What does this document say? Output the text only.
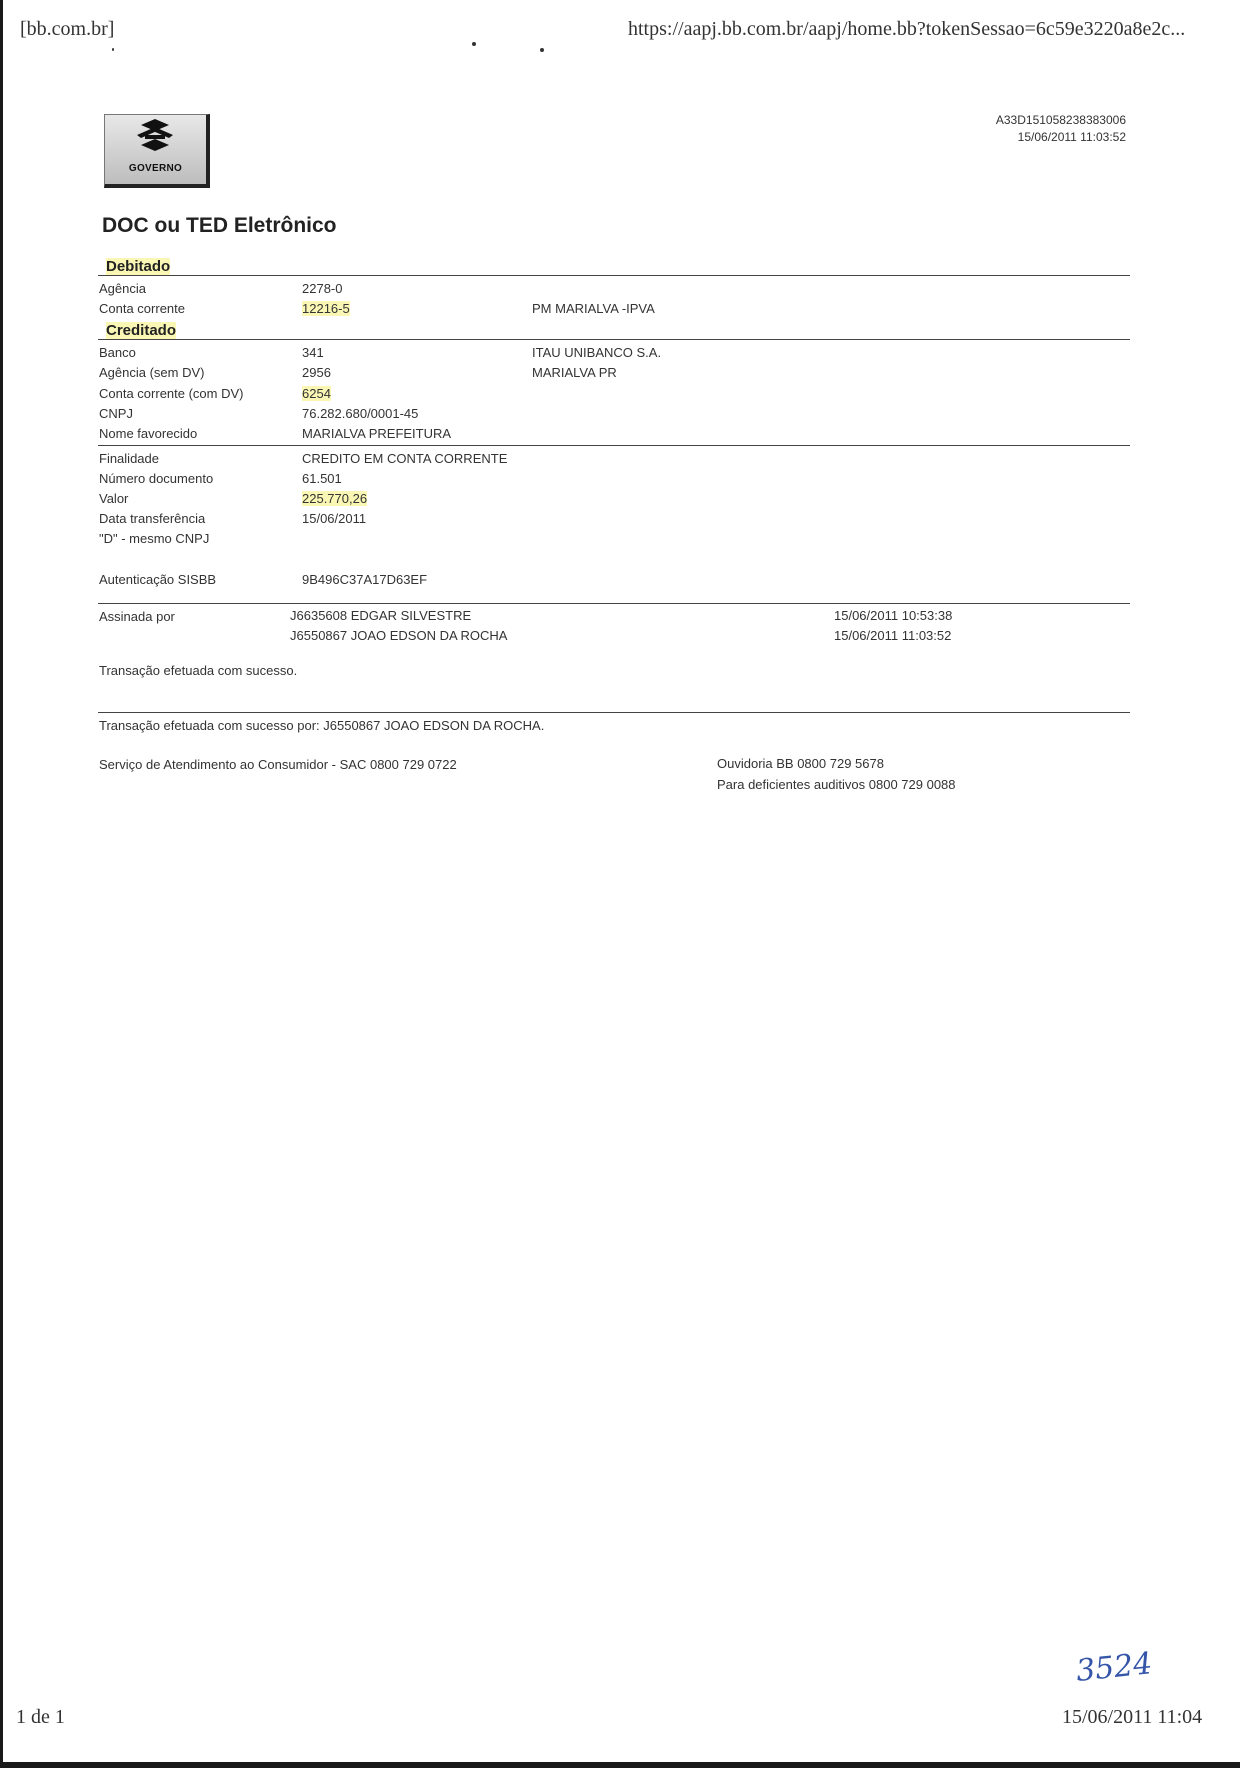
[bb.com.br]	https://aapj.bb.com.br/aapj/home.bb?tokenSessao=6c59e3220a8e2c...
GOVERNO
A33D151058238383006
15/06/2011 11:03:52
DOC ou TED Eletrônico
Debitado
Agência	2278-0
Conta corrente	12216-5	PM MARIALVA -IPVA
Creditado
Banco	341	ITAU UNIBANCO S.A.
Agência (sem DV)	2956	MARIALVA PR
Conta corrente (com DV)	6254
CNPJ	76.282.680/0001-45
Nome favorecido	MARIALVA PREFEITURA
Finalidade	CREDITO EM CONTA CORRENTE
Número documento	61.501
Valor	225.770,26
Data transferência	15/06/2011
"D" - mesmo CNPJ
Autenticação SISBB	9B496C37A17D63EF
Assinada por	J6635608 EDGAR SILVESTRE	15/06/2011 10:53:38
J6550867 JOAO EDSON DA ROCHA	15/06/2011 11:03:52
Transação efetuada com sucesso.
Transação efetuada com sucesso por: J6550867 JOAO EDSON DA ROCHA.
Serviço de Atendimento ao Consumidor - SAC 0800 729 0722	Ouvidoria BB 0800 729 5678
Para deficientes auditivos 0800 729 0088
3524
1 de 1	15/06/2011 11:04
